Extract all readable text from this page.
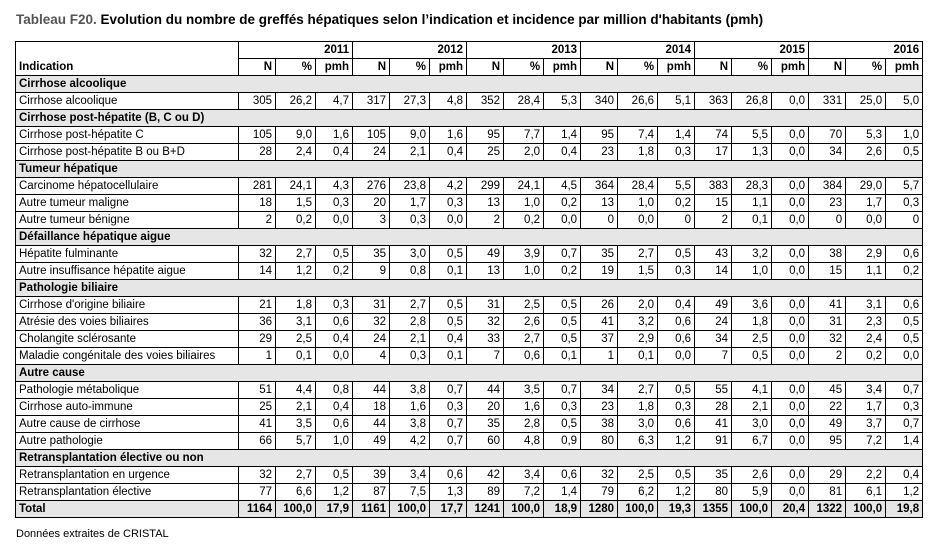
Tableau F20. Evolution du nombre de greffés hépatiques selon l’indication et incidence par million d'habitants (pmh)
Indication	2011			2012			2013			2014			2015			2016		
	N	%	pmh	N	%	pmh	N	%	pmh	N	%	pmh	N	%	pmh	N	%	pmh
Cirrhose alcoolique																		
Cirrhose alcoolique	305	26,2	4,7	317	27,3	4,8	352	28,4	5,3	340	26,6	5,1	363	26,8	0,0	331	25,0	5,0
Cirrhose post-hépatite (B, C ou D)																		
Cirrhose post-hépatite C	105	9,0	1,6	105	9,0	1,6	95	7,7	1,4	95	7,4	1,4	74	5,5	0,0	70	5,3	1,0
Cirrhose post-hépatite B ou B+D	28	2,4	0,4	24	2,1	0,4	25	2,0	0,4	23	1,8	0,3	17	1,3	0,0	34	2,6	0,5
Tumeur hépatique																		
Carcinome hépatocellulaire	281	24,1	4,3	276	23,8	4,2	299	24,1	4,5	364	28,4	5,5	383	28,3	0,0	384	29,0	5,7
Autre tumeur maligne	18	1,5	0,3	20	1,7	0,3	13	1,0	0,2	13	1,0	0,2	15	1,1	0,0	23	1,7	0,3
Autre tumeur bénigne	2	0,2	0,0	3	0,3	0,0	2	0,2	0,0	0	0,0	0	2	0,1	0,0	0	0,0	0
Défaillance hépatique aigue																		
Hépatite fulminante	32	2,7	0,5	35	3,0	0,5	49	3,9	0,7	35	2,7	0,5	43	3,2	0,0	38	2,9	0,6
Autre insuffisance hépatite aigue	14	1,2	0,2	9	0,8	0,1	13	1,0	0,2	19	1,5	0,3	14	1,0	0,0	15	1,1	0,2
Pathologie biliaire																		
Cirrhose d'origine biliaire	21	1,8	0,3	31	2,7	0,5	31	2,5	0,5	26	2,0	0,4	49	3,6	0,0	41	3,1	0,6
Atrésie des voies biliaires	36	3,1	0,6	32	2,8	0,5	32	2,6	0,5	41	3,2	0,6	24	1,8	0,0	31	2,3	0,5
Cholangite sclérosante	29	2,5	0,4	24	2,1	0,4	33	2,7	0,5	37	2,9	0,6	34	2,5	0,0	32	2,4	0,5
Maladie congénitale des voies biliaires	1	0,1	0,0	4	0,3	0,1	7	0,6	0,1	1	0,1	0,0	7	0,5	0,0	2	0,2	0,0
Autre cause																		
Pathologie métabolique	51	4,4	0,8	44	3,8	0,7	44	3,5	0,7	34	2,7	0,5	55	4,1	0,0	45	3,4	0,7
Cirrhose auto-immune	25	2,1	0,4	18	1,6	0,3	20	1,6	0,3	23	1,8	0,3	28	2,1	0,0	22	1,7	0,3
Autre cause de cirrhose	41	3,5	0,6	44	3,8	0,7	35	2,8	0,5	38	3,0	0,6	41	3,0	0,0	49	3,7	0,7
Autre pathologie	66	5,7	1,0	49	4,2	0,7	60	4,8	0,9	80	6,3	1,2	91	6,7	0,0	95	7,2	1,4
Retransplantation élective ou non																		
Retransplantation en urgence	32	2,7	0,5	39	3,4	0,6	42	3,4	0,6	32	2,5	0,5	35	2,6	0,0	29	2,2	0,4
Retransplantation élective	77	6,6	1,2	87	7,5	1,3	89	7,2	1,4	79	6,2	1,2	80	5,9	0,0	81	6,1	1,2
Total	1164	100,0	17,9	1161	100,0	17,7	1241	100,0	18,9	1280	100,0	19,3	1355	100,0	20,4	1322	100,0	19,8
Données extraites de CRISTAL
